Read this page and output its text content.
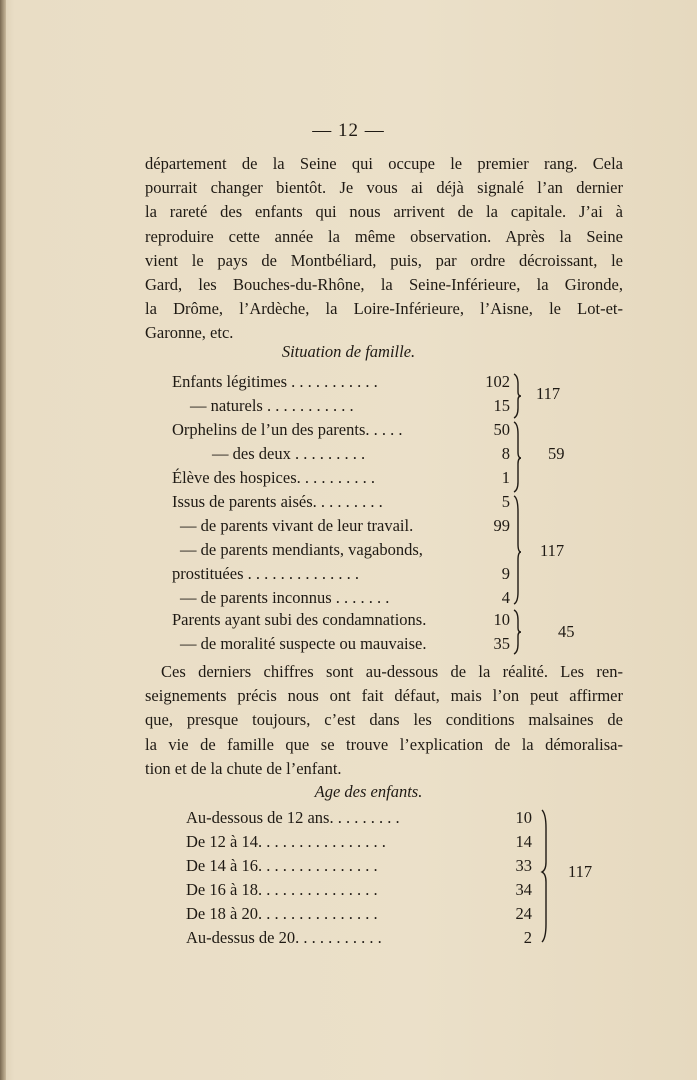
— 12 —
département de la Seine qui occupe le premier rang. Cela
pourrait changer bientôt. Je vous ai déjà signalé l’an dernier
la rareté des enfants qui nous arrivent de la capitale. J’ai à
reproduire cette année la même observation. Après la Seine
vient le pays de Montbéliard, puis, par ordre décroissant, le
Gard, les Bouches-du-Rhône, la Seine-Inférieure, la Gironde,
la Drôme, l’Ardèche, la Loire-Inférieure, l’Aisne, le Lot-et-
Garonne, etc.
Situation de famille.
Enfants légitimes . . . . . . . . . . .
— naturels . . . . . . . . . . .
Orphelins de l’un des parents. . . . .
— des deux . . . . . . . . .
Élève des hospices. . . . . . . . . .
Issus de parents aisés. . . . . . . . .
— de parents vivant de leur travail.
— de parents mendiants, vagabonds,
prostituées . . . . . . . . . . . . . .
— de parents inconnus . . . . . . .
Parents ayant subi des condamnations.
— de moralité suspecte ou mauvaise.
102
15
50
8
1
5
99
9
4
10
35
117
59
117
45
Ces derniers chiffres sont au-dessous de la réalité. Les ren-
seignements précis nous ont fait défaut, mais l’on peut affirmer
que, presque toujours, c’est dans les conditions malsaines de
la vie de famille que se trouve l’explication de la démoralisa-
tion et de la chute de l’enfant.
Age des enfants.
Au-dessous de 12 ans. . . . . . . . .
De 12 à 14. . . . . . . . . . . . . . . .
De 14 à 16. . . . . . . . . . . . . . .
De 16 à 18. . . . . . . . . . . . . . .
De 18 à 20. . . . . . . . . . . . . . .
Au-dessus de 20. . . . . . . . . . .
10
14
33
34
24
2
117
